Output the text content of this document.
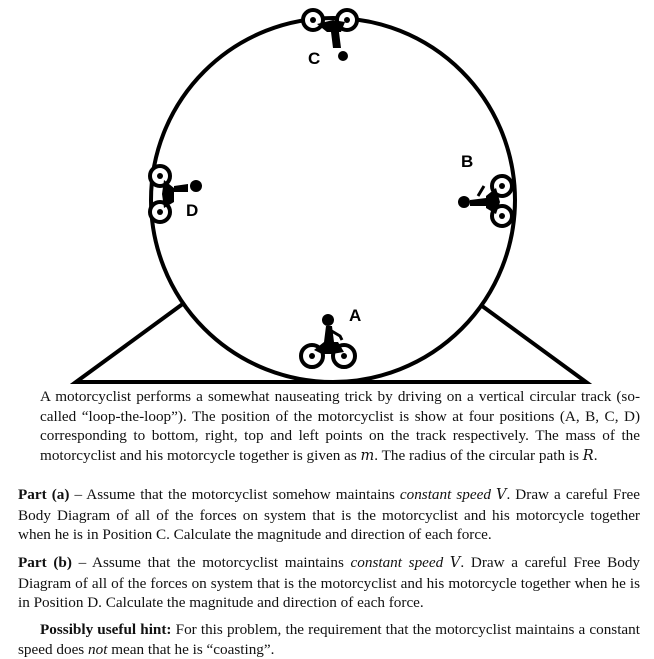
A
B
C
D
A motorcyclist performs a somewhat nauseating trick by driving on a vertical circular track (so-called “loop-the-loop”). The position of the motorcyclist is show at four positions (A, B, C, D) corresponding to bottom, right, top and left points on the track respectively. The mass of the motorcyclist and his motorcycle together is given as m. The radius of the circular path is R.
Part (a) – Assume that the motorcyclist somehow maintains constant speed V. Draw a careful Free Body Diagram of all of the forces on system that is the motorcyclist and his motorcycle together when he is in Position C. Calculate the magnitude and direction of each force.
Part (b) – Assume that the motorcyclist maintains constant speed V. Draw a careful Free Body Diagram of all of the forces on system that is the motorcyclist and his motorcycle together when he is in Position D. Calculate the magnitude and direction of each force.
Possibly useful hint: For this problem, the requirement that the motorcyclist maintains a constant speed does not mean that he is “coasting”.
